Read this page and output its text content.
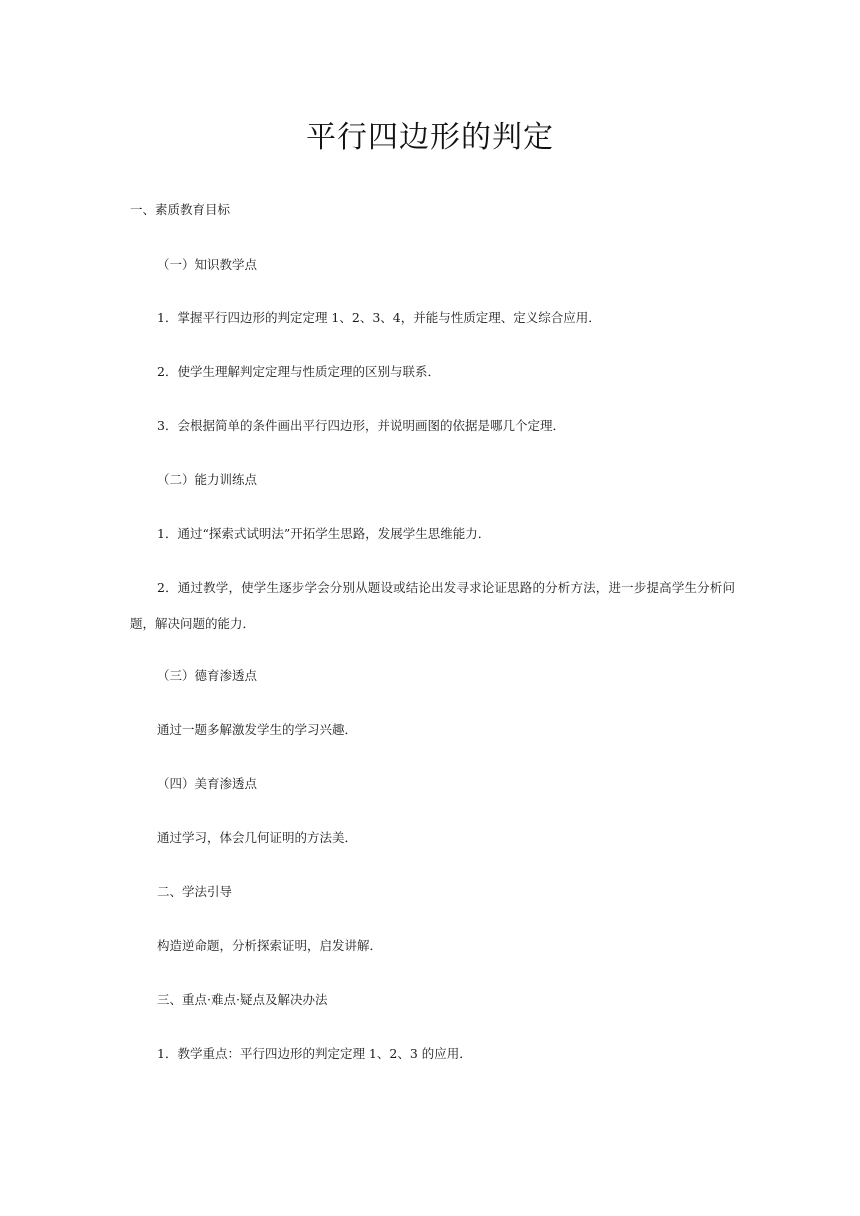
平行四边形的判定
一、素质教育目标
（一）知识教学点
1．掌握平行四边形的判定定理 1、2、3、4，并能与性质定理、定义综合应用．
2．使学生理解判定定理与性质定理的区别与联系．
3．会根据简单的条件画出平行四边形，并说明画图的依据是哪几个定理．
（二）能力训练点
1．通过“探索式试明法”开拓学生思路，发展学生思维能力．
2．通过教学，使学生逐步学会分别从题设或结论出发寻求论证思路的分析方法，进一步提高学生分析问题，解决问题的能力．
（三）德育渗透点
通过一题多解激发学生的学习兴趣．
（四）美育渗透点
通过学习，体会几何证明的方法美．
二、学法引导
构造逆命题，分析探索证明，启发讲解．
三、重点·难点·疑点及解决办法
1．教学重点：平行四边形的判定定理 1、2、3 的应用．
